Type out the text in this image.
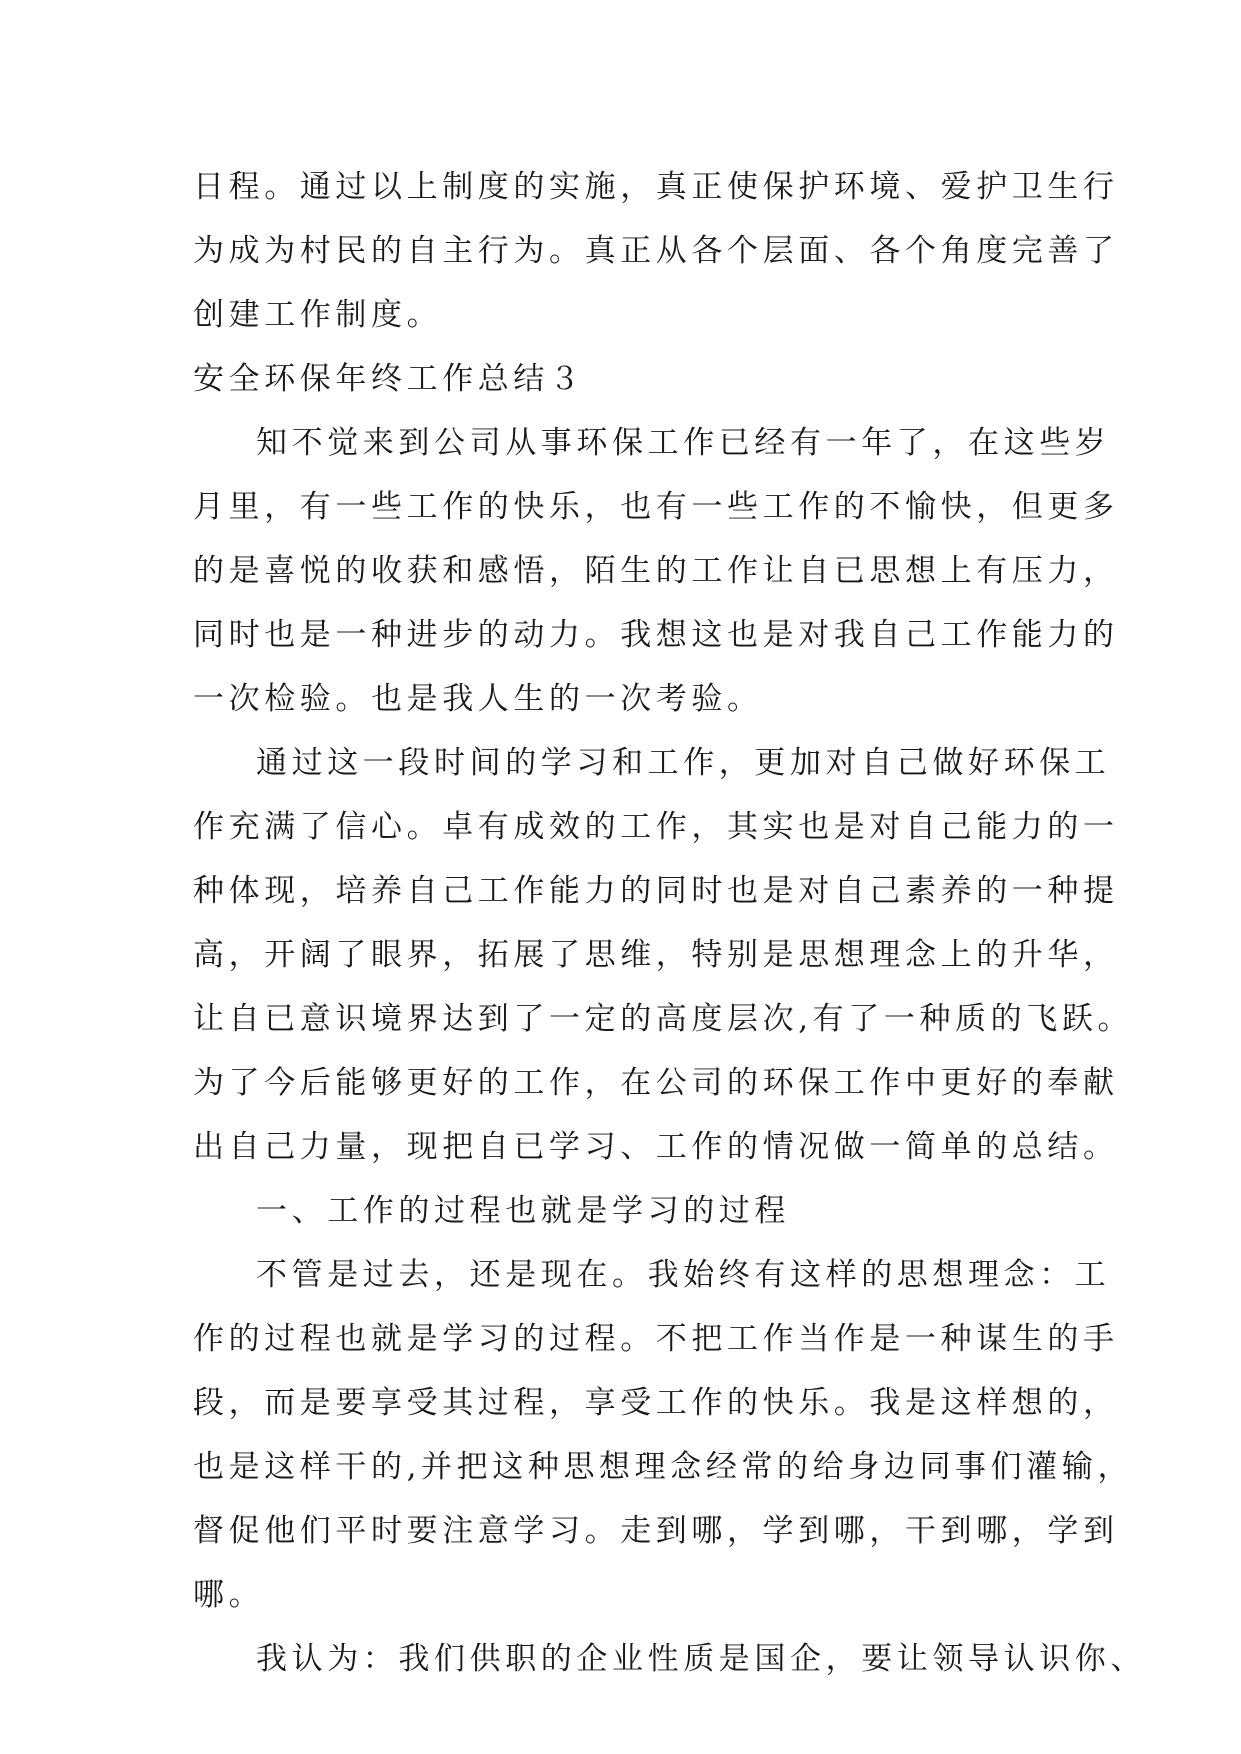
日程。通过以上制度的实施，真正使保护环境、爱护卫生行
为成为村民的自主行为。真正从各个层面、各个角度完善了
创建工作制度。
安全环保年终工作总结３
知不觉来到公司从事环保工作已经有一年了，在这些岁
月里，有一些工作的快乐，也有一些工作的不愉快，但更多
的是喜悦的收获和感悟，陌生的工作让自已思想上有压力，
同时也是一种进步的动力。我想这也是对我自己工作能力的
一次检验。也是我人生的一次考验。
通过这一段时间的学习和工作，更加对自己做好环保工
作充满了信心。卓有成效的工作，其实也是对自己能力的一
种体现，培养自己工作能力的同时也是对自己素养的一种提
高，开阔了眼界，拓展了思维，特别是思想理念上的升华，
让自已意识境界达到了一定的高度层次,有了一种质的飞跃。
为了今后能够更好的工作，在公司的环保工作中更好的奉献
出自己力量，现把自已学习、工作的情况做一简单的总结。
一、工作的过程也就是学习的过程
不管是过去，还是现在。我始终有这样的思想理念：工
作的过程也就是学习的过程。不把工作当作是一种谋生的手
段，而是要享受其过程，享受工作的快乐。我是这样想的，
也是这样干的,并把这种思想理念经常的给身边同事们灌输，
督促他们平时要注意学习。走到哪，学到哪，干到哪，学到
哪。
我认为：我们供职的企业性质是国企，要让领导认识你、
